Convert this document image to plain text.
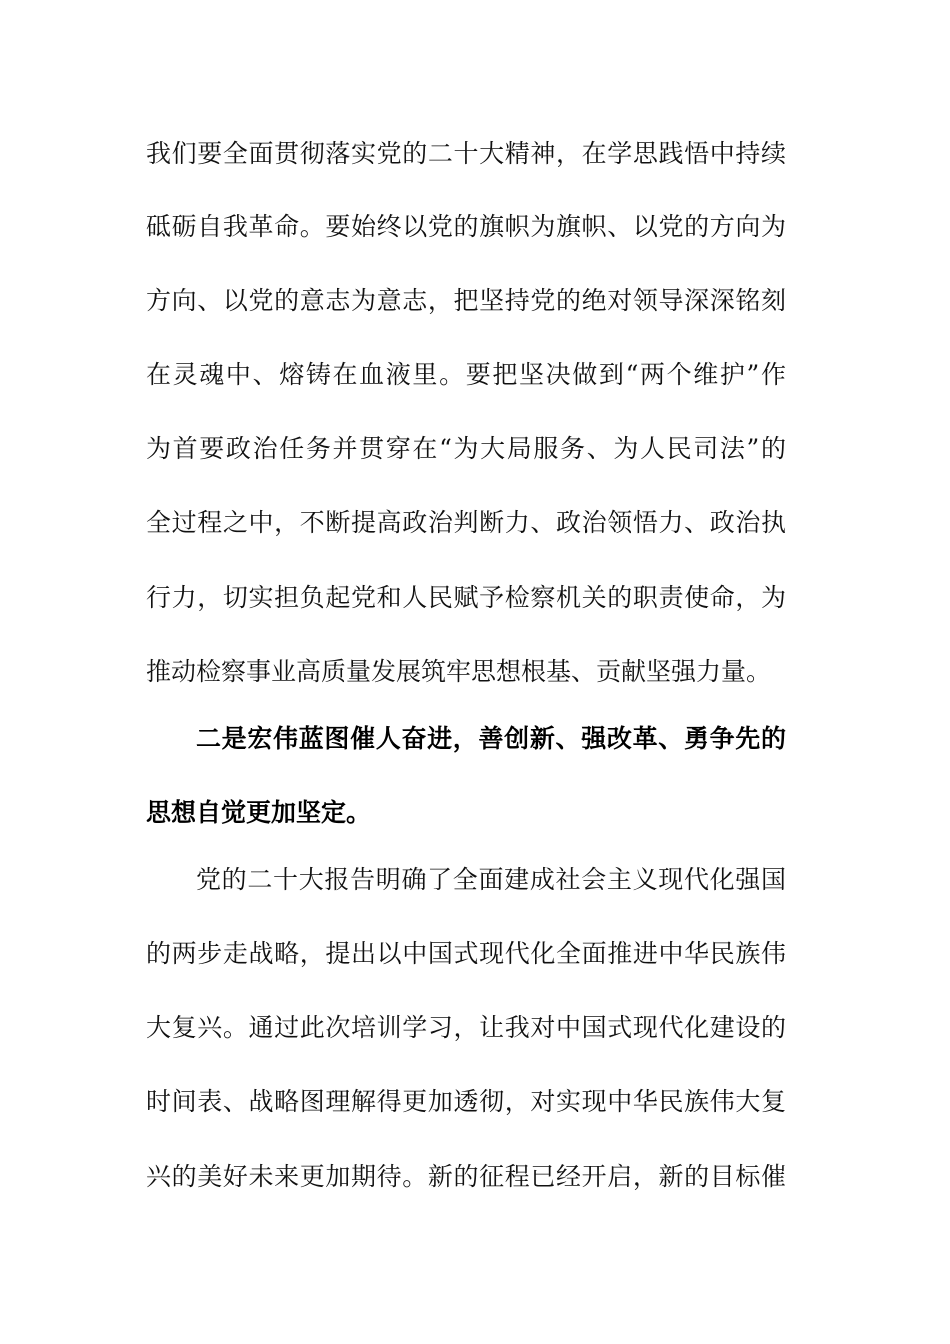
我们要全面贯彻落实党的二十大精神，在学思践悟中持续
砥砺自我革命。要始终以党的旗帜为旗帜、以党的方向为
方向、以党的意志为意志，把坚持党的绝对领导深深铭刻
在灵魂中、熔铸在血液里。要把坚决做到“两个维护”作
为首要政治任务并贯穿在“为大局服务、为人民司法”的
全过程之中，不断提高政治判断力、政治领悟力、政治执
行力，切实担负起党和人民赋予检察机关的职责使命，为
推动检察事业高质量发展筑牢思想根基、贡献坚强力量。
二是宏伟蓝图催人奋进，善创新、强改革、勇争先的
思想自觉更加坚定。
党的二十大报告明确了全面建成社会主义现代化强国
的两步走战略，提出以中国式现代化全面推进中华民族伟
大复兴。通过此次培训学习，让我对中国式现代化建设的
时间表、战略图理解得更加透彻，对实现中华民族伟大复
兴的美好未来更加期待。新的征程已经开启，新的目标催
